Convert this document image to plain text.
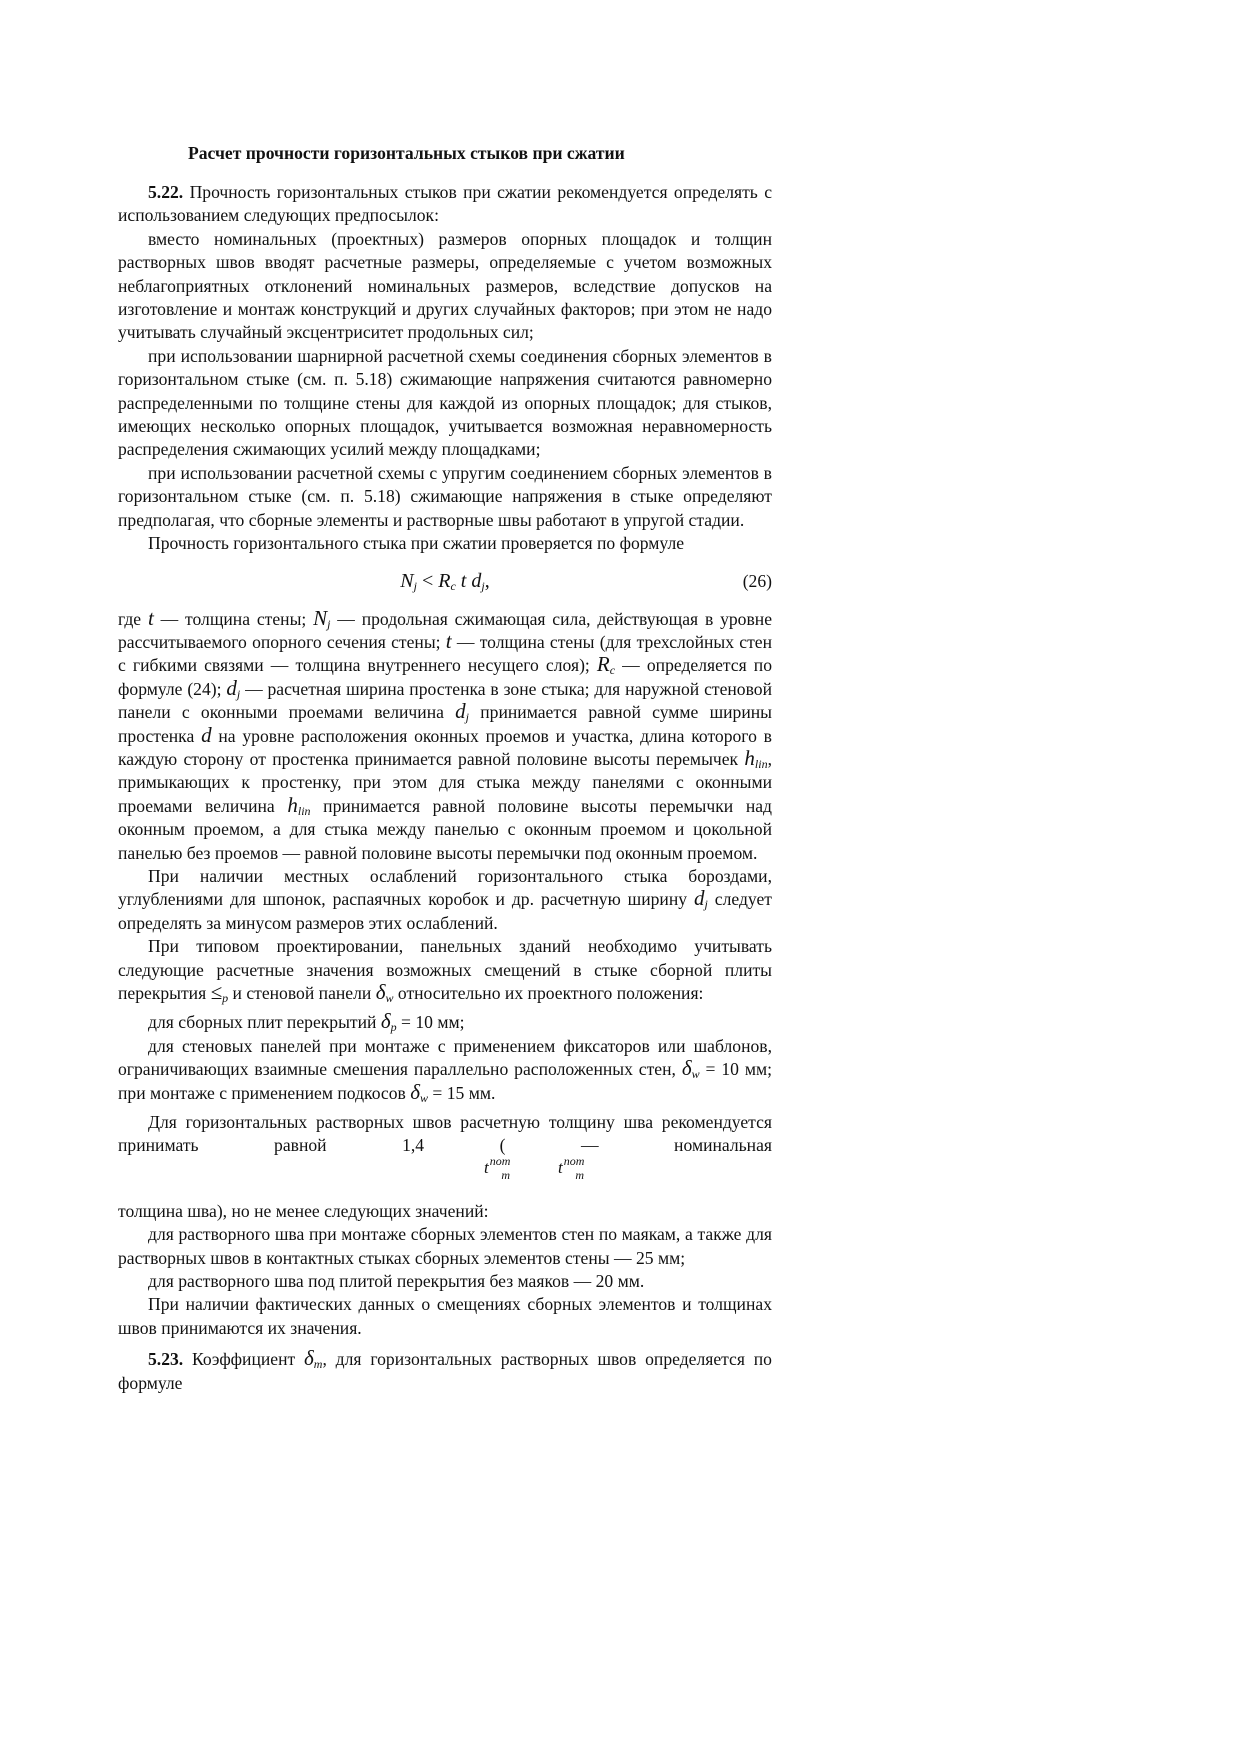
Расчет прочности горизонтальных стыков при сжатии

5.22. Прочность горизонтальных стыков при сжатии рекомендуется определять с использованием следующих предпосылок:

вместо номинальных (проектных) размеров опорных площадок и толщин растворных швов вводят расчетные размеры, определяемые с учетом возможных неблагоприятных отклонений номинальных размеров, вследствие допусков на изготовление и монтаж конструкций и других случайных факторов; при этом не надо учитывать случайный эксцентриситет продольных сил;

при использовании шарнирной расчетной схемы соединения сборных элементов в горизонтальном стыке (см. п. 5.18) сжимающие напряжения считаются равномерно распределенными по толщине стены для каждой из опорных площадок; для стыков, имеющих несколько опорных площадок, учитывается возможная неравномерность распределения сжимающих усилий между площадками;

при использовании расчетной схемы с упругим соединением сборных элементов в горизонтальном стыке (см. п. 5.18) сжимающие напряжения в стыке определяют предполагая, что сборные элементы и растворные швы работают в упругой стадии.

Прочность горизонтального стыка при сжатии проверяется по формуле

$N_j < R_c$ t $d_j$,	(26)

где t — толщина стены; $N_j$ — продольная сжимающая сила, действующая в уровне рассчитываемого опорного сечения стены; t — толщина стены (для трехслойных стен с гибкими связями — толщина внутреннего несущего слоя); $R_c$ — определяется по формуле (24); $d_j$ — расчетная ширина простенка в зоне стыка; для наружной стеновой панели с оконными проемами величина $d_j$ принимается равной сумме ширины простенка d на уровне расположения оконных проемов и участка, длина которого в каждую сторону от простенка принимается равной половине высоты перемычек $h_{lin}$, примыкающих к простенку, при этом для стыка между панелями с оконными проемами величина $h_{lin}$ принимается равной половине высоты перемычки над оконным проемом, а для стыка между панелью с оконным проемом и цокольной панелью без проемов — равной половине высоты перемычки под оконным проемом.

При наличии местных ослаблений горизонтального стыка бороздами, углублениями для шпонок, распаячных коробок и др. расчетную ширину $d_j$ следует определять за минусом размеров этих ослаблений.

При типовом проектировании, панельных зданий необходимо учитывать следующие расчетные значения возможных смещений в стыке сборной плиты перекрытия $\le_p$ и стеновой панели $\delta_w$ относительно их проектного положения:

для сборных плит перекрытий $\delta_p = 10$ мм;

для стеновых панелей при монтаже с применением фиксаторов или шаблонов, ограничивающих взаимные смешения параллельно расположенных стен, $\delta_w = 10$ мм; при монтаже с применением подкосов $\delta_w = 15$ мм.

Для горизонтальных растворных швов расчетную толщину шва рекомендуется принимать равной 1,4 ( — номинальная

$t^{nom}_m$	$t^{nom}_m$

толщина шва), но не менее следующих значений:

для растворного шва при монтаже сборных элементов стен по маякам, а также для растворных швов в контактных стыках сборных элементов стены — 25 мм;

для растворного шва под плитой перекрытия без маяков — 20 мм.

При наличии фактических данных о смещениях сборных элементов и толщинах швов принимаются их значения.

5.23. Коэффициент $\delta_m$, для горизонтальных растворных швов определяется по формуле
